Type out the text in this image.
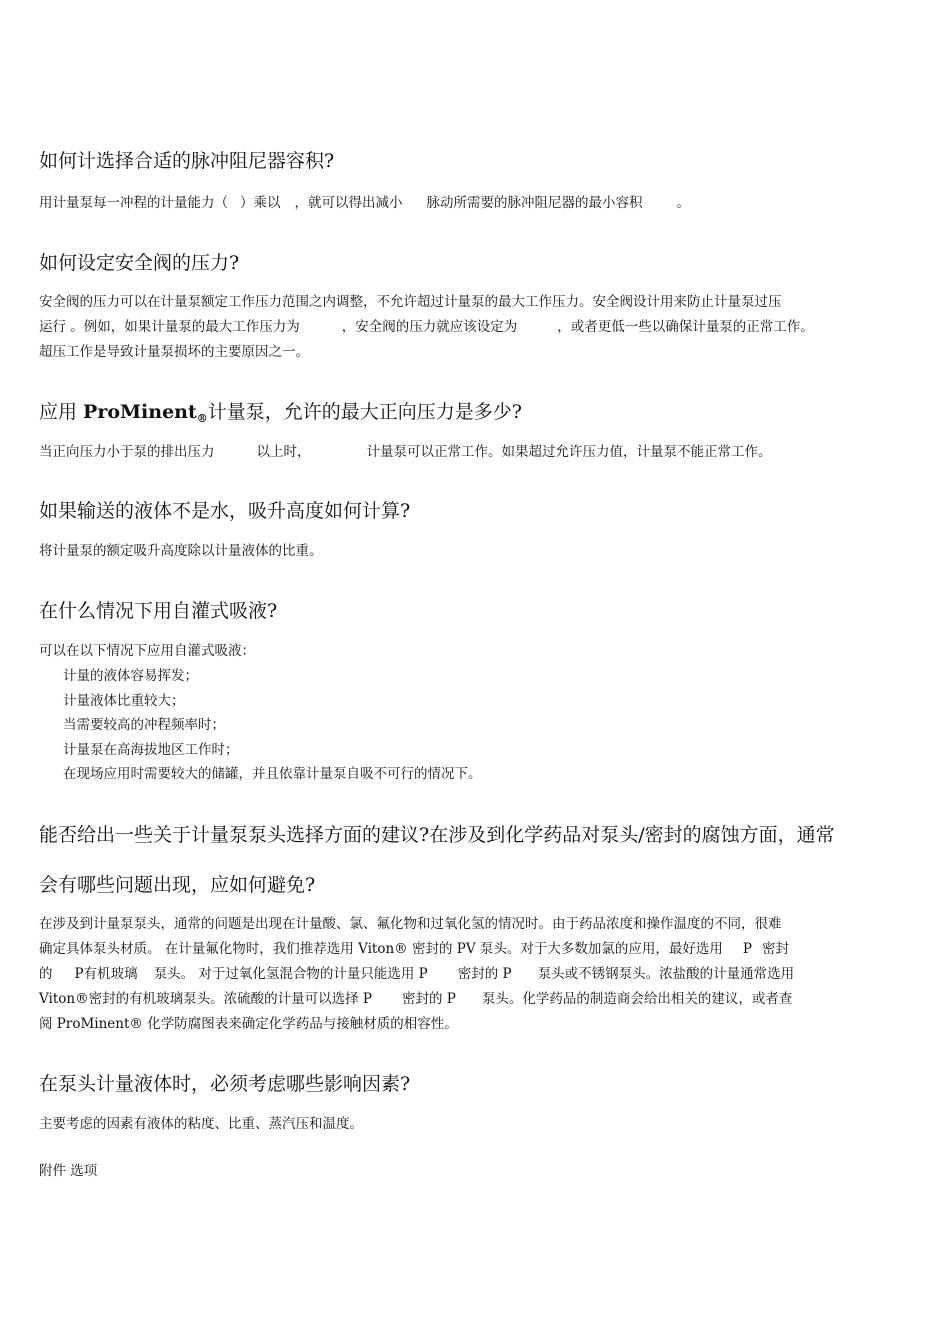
如何计选择合适的脉冲阻尼器容积?

用计量泵每一冲程的计量能力（ ）乘以 ，就可以得出减小 脉动所需要的脉冲阻尼器的最小容积	。

如何设定安全阀的压力?

安全阀的压力可以在计量泵额定工作压力范围之内调整，不允许超过计量泵的最大工作压力。安全阀设计用来防止计量泵过压

运行 。例如，如果计量泵的最大工作压力为	，安全阀的压力就应该设定为	，或者更低一些以确保计量泵的正常工作。

超压工作是导致计量泵损坏的主要原因之一。

应用 ProMinent$_®$计量泵，允许的最大正向压力是多少?

当正向压力小于泵的排出压力	以上时，	计量泵可以正常工作。如果超过允许压力值，计量泵不能正常工作。

如果输送的液体不是水，吸升高度如何计算?

将计量泵的额定吸升高度除以计量液体的比重。

在什么情况下用自灌式吸液?

可以在以下情况下应用自灌式吸液：

计量的液体容易挥发；
计量液体比重较大；
当需要较高的冲程频率时；
计量泵在高海拔地区工作时；
在现场应用时需要较大的储罐，并且依靠计量泵自吸不可行的情况下。
能否给出一些关于计量泵泵头选择方面的建议?在涉及到化学药品对泵头/密封的腐蚀方面，通常
会有哪些问题出现，应如何避免?

在涉及到计量泵泵头，通常的问题是出现在计量酸、氯、氟化物和过氧化氢的情况时。由于药品浓度和操作温度的不同，很难

确定具体泵头材质。 在计量氟化物时，我们推荐选用 Viton® 密封的 PV 泵头。对于大多数加氯的应用，最好选用 P 密封

的 P有机玻璃 泵头。 对于过氧化氢混合物的计量只能选用 P 密封的 P 泵头或不锈钢泵头。浓盐酸的计量通常选用

Viton®密封的有机玻璃泵头。浓硫酸的计量可以选择 P 密封的 P 泵头。化学药品的制造商会给出相关的建议，或者查

阅 ProMinent® 化学防腐图表来确定化学药品与接触材质的相容性。

在泵头计量液体时，必须考虑哪些影响因素?

主要考虑的因素有液体的粘度、比重、蒸汽压和温度。

附件 选项
